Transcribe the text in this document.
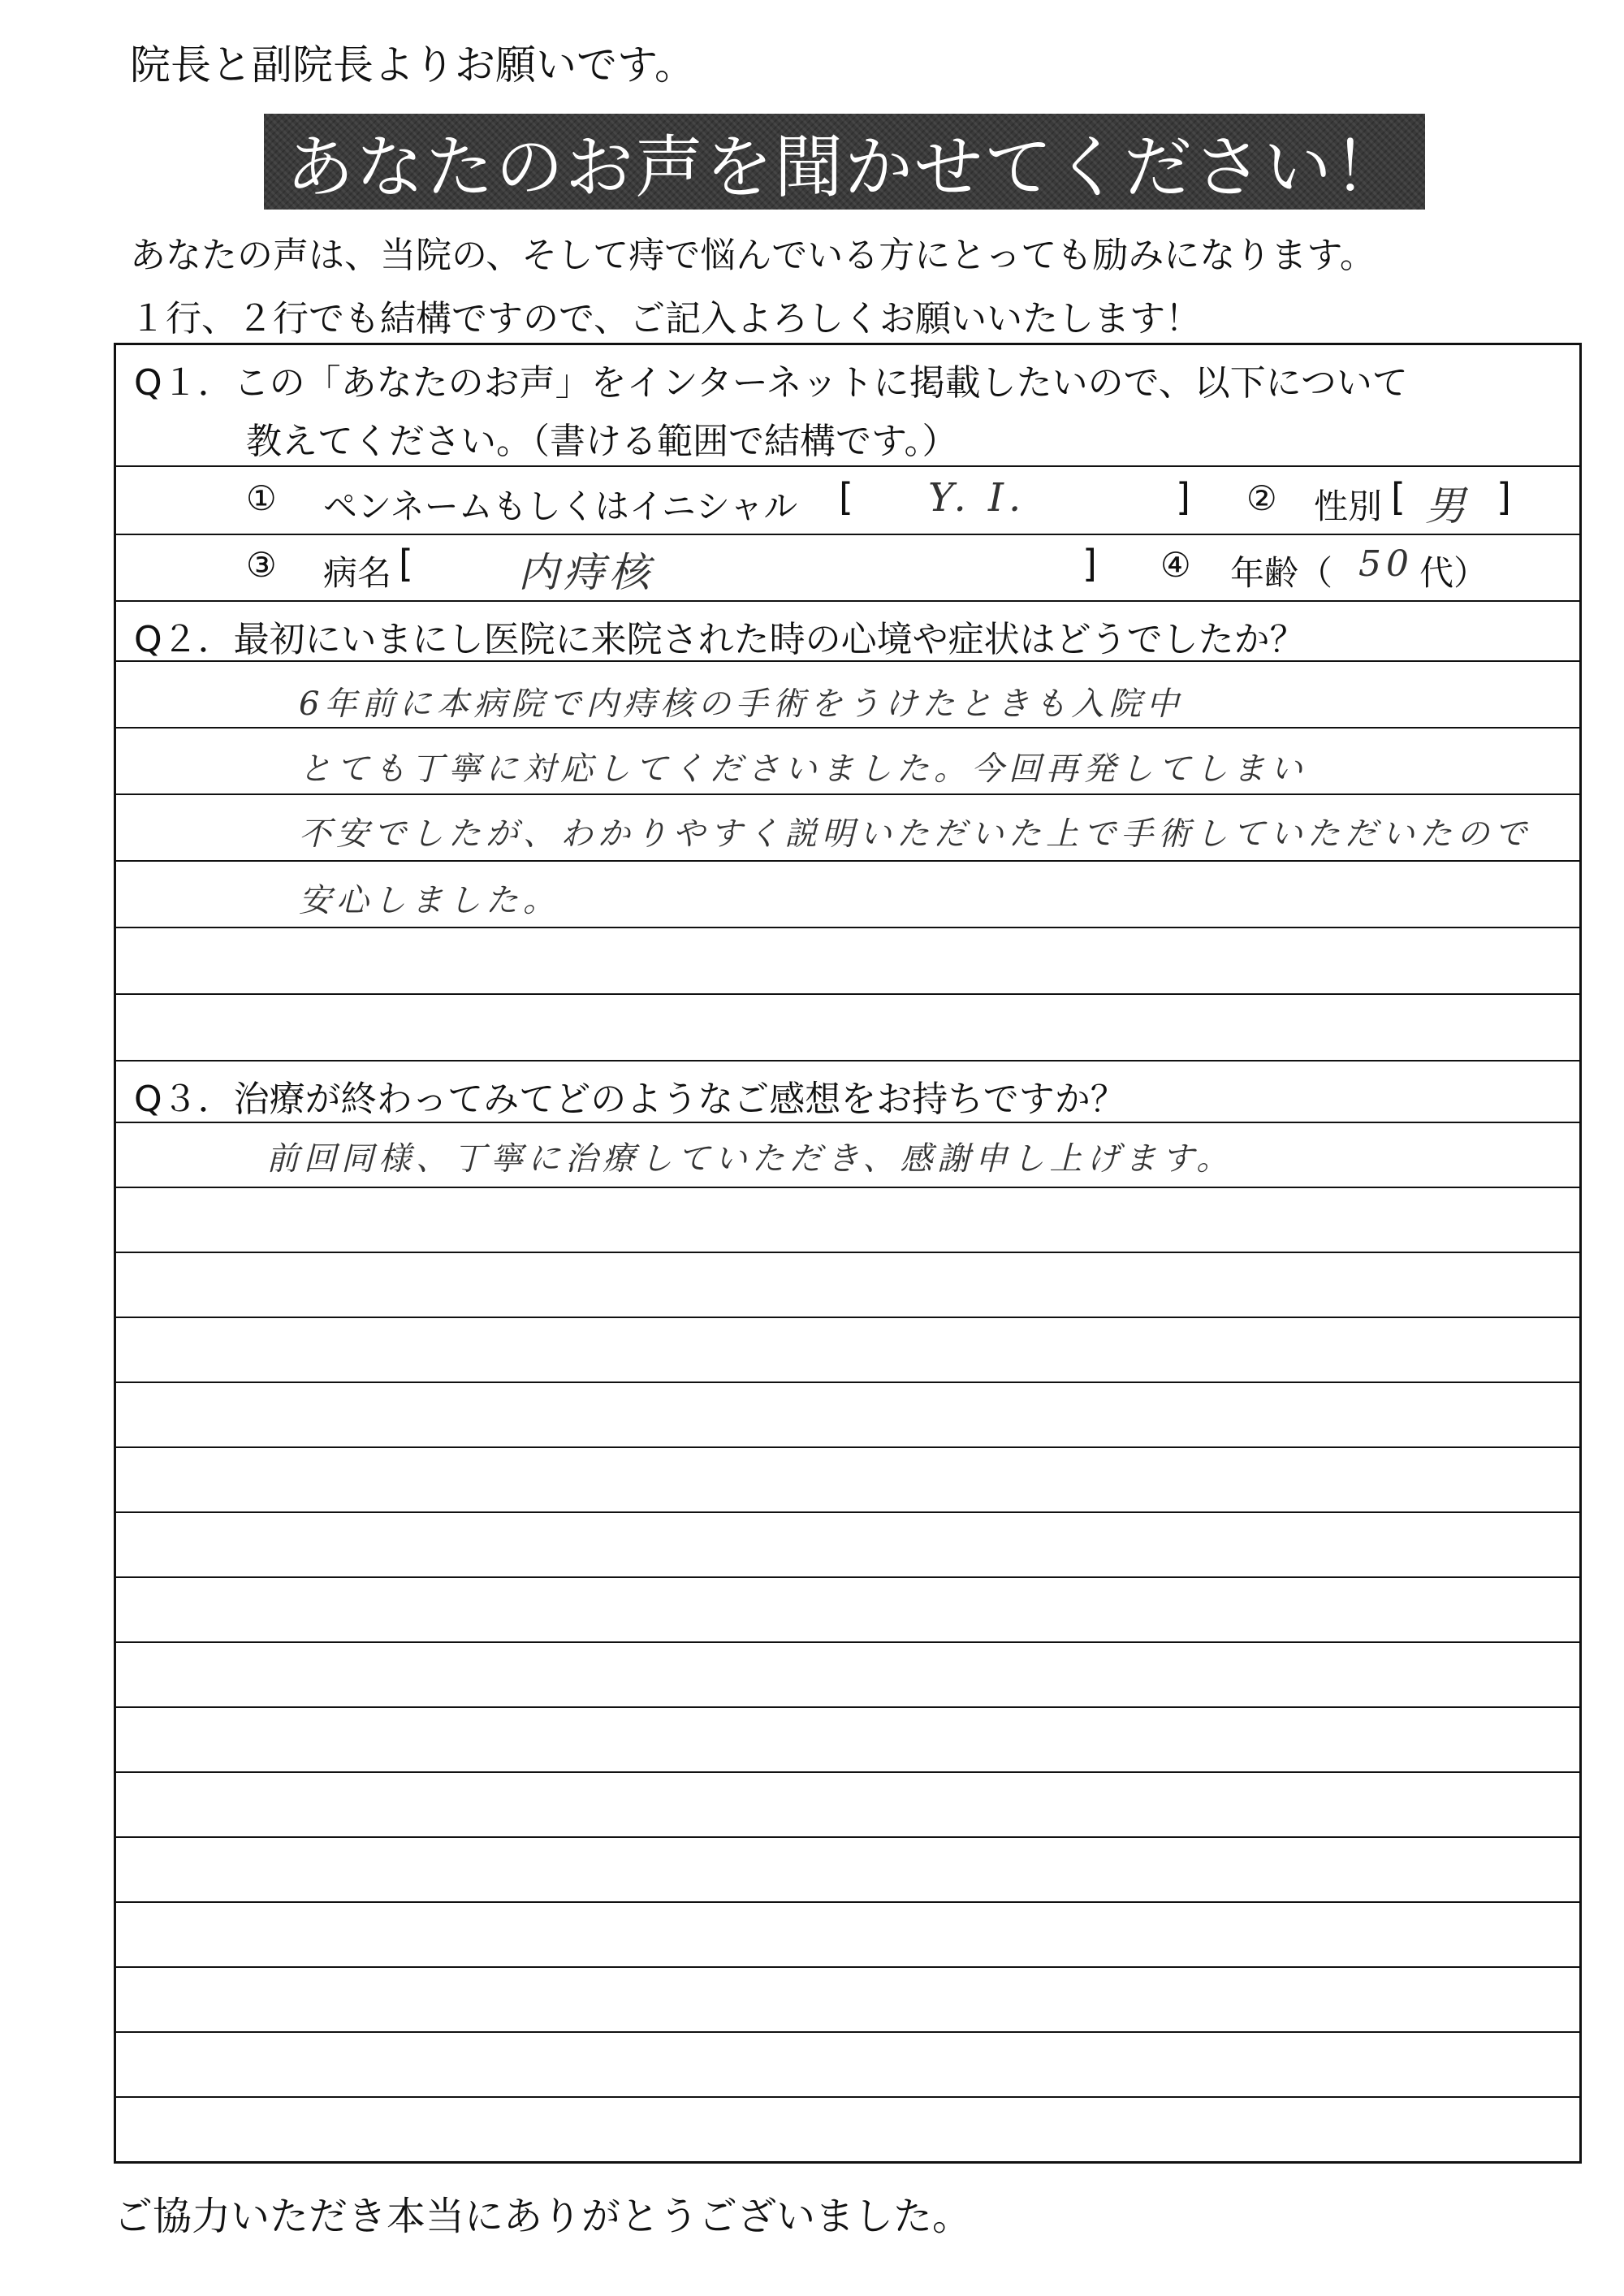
院長と副院長よりお願いです。
あなたのお声を聞かせてください！
あなたの声は、当院の、そして痔で悩んでいる方にとっても励みになります。
１行、２行でも結構ですので、ご記入よろしくお願いいたします！
Q１．この「あなたのお声」をインターネットに掲載したいので、以下について
教えてください。（書ける範囲で結構です。）
① ペンネームもしくはイニシャル [ Y. I.	] ② 性別 [ 男 ]
③ 病名 [	内痔核	] ④ 年齢（ 50 代）
Q２．最初にいまにし医院に来院された時の心境や症状はどうでしたか？
6年前に本病院で内痔核の手術をうけたときも入院中
とても丁寧に対応してくださいました。今回再発してしまい
不安でしたが、わかりやすく説明いただいた上で手術していただいたので
安心しました。
Q３．治療が終わってみてどのようなご感想をお持ちですか？
前回同様、丁寧に治療していただき、感謝申し上げます。
ご協力いただき本当にありがとうございました。
